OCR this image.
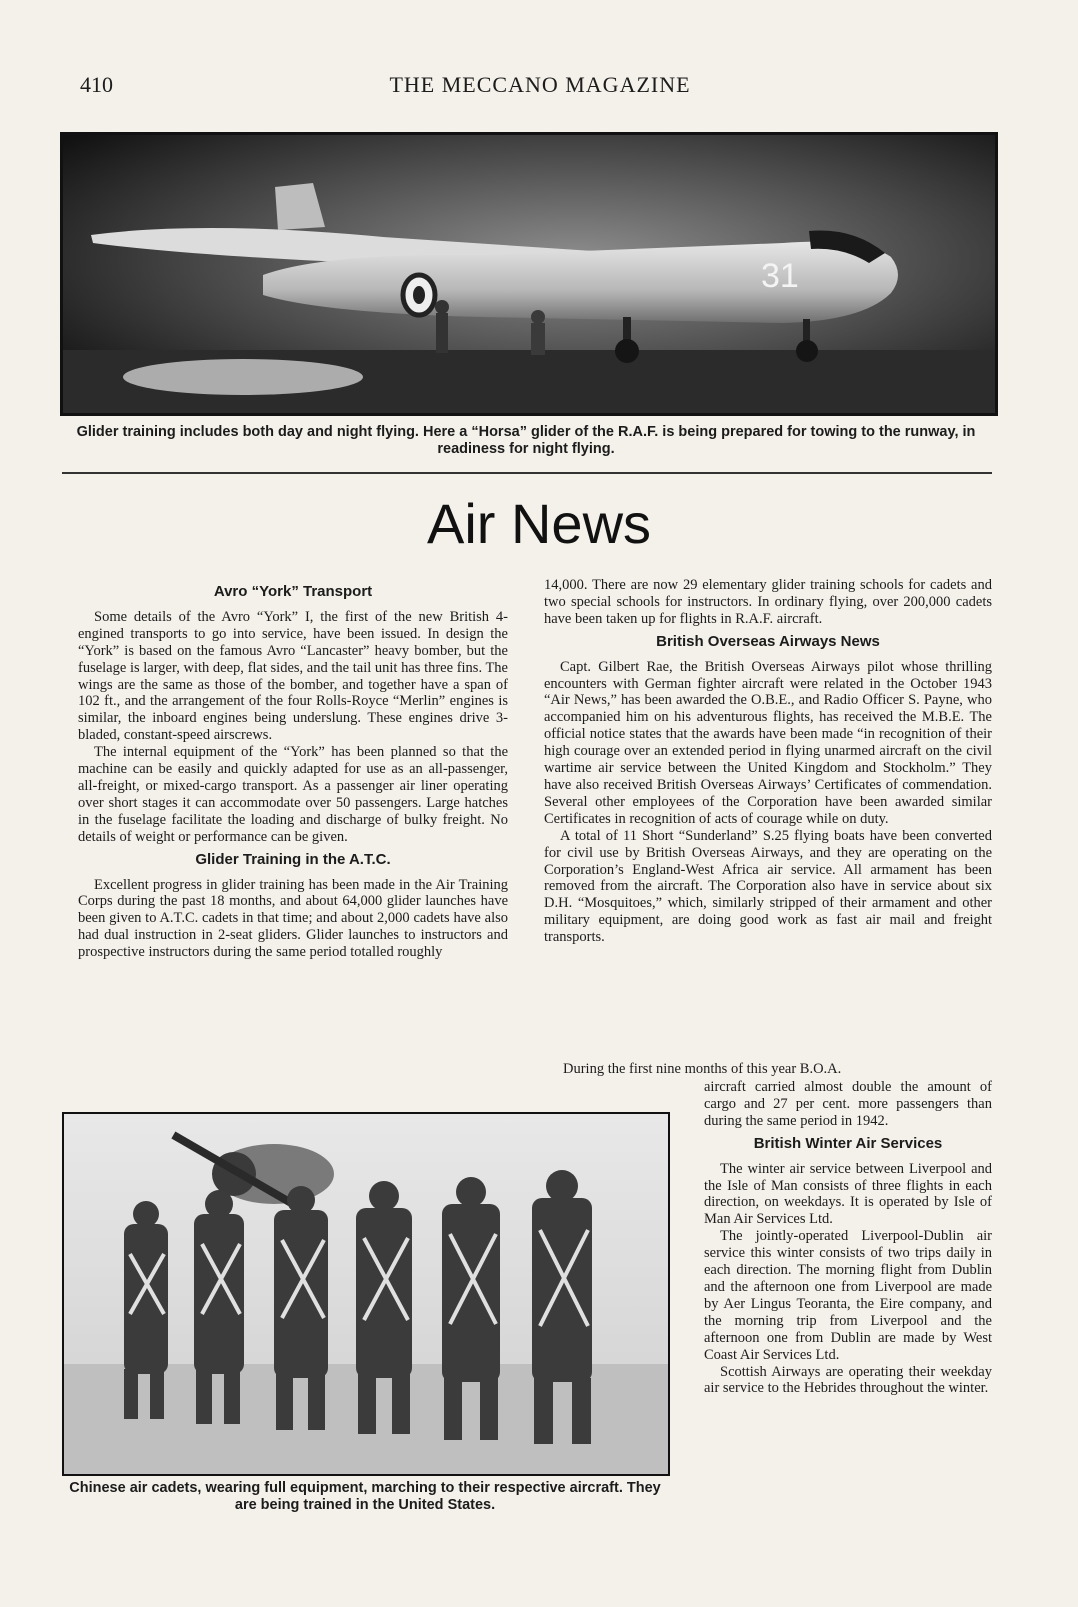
410	THE MECCANO MAGAZINE
31
Glider training includes both day and night flying. Here a “Horsa” glider of the R.A.F. is being prepared for towing to the runway, in readiness for night flying.
Air News
Avro “York” Transport

Some details of the Avro “York” I, the first of the new British 4-engined transports to go into service, have been issued. In design the “York” is based on the famous Avro “Lancaster” heavy bomber, but the fuselage is larger, with deep, flat sides, and the tail unit has three fins. The wings are the same as those of the bomber, and together have a span of 102 ft., and the arrangement of the four Rolls-Royce “Merlin” engines is similar, the inboard engines being underslung. These engines drive 3-bladed, constant-speed airscrews.

The internal equipment of the “York” has been planned so that the machine can be easily and quickly adapted for use as an all-passenger, all-freight, or mixed-cargo transport. As a passenger air liner operating over short stages it can accommodate over 50 passengers. Large hatches in the fuselage facilitate the loading and discharge of bulky freight. No details of weight or performance can be given.

Glider Training in the A.T.C.

Excellent progress in glider training has been made in the Air Training Corps during the past 18 months, and about 64,000 glider launches have been given to A.T.C. cadets in that time; and about 2,000 cadets have also had dual instruction in 2-seat gliders. Glider launches to instructors and prospective instructors during the same period totalled roughly

14,000. There are now 29 elementary glider training schools for cadets and two special schools for instructors. In ordinary flying, over 200,000 cadets have been taken up for flights in R.A.F. aircraft.

British Overseas Airways News

Capt. Gilbert Rae, the British Overseas Airways pilot whose thrilling encounters with German fighter aircraft were related in the October 1943 “Air News,” has been awarded the O.B.E., and Radio Officer S. Payne, who accompanied him on his adventurous flights, has received the M.B.E. The official notice states that the awards have been made “in recognition of their high courage over an extended period in flying unarmed aircraft on the civil wartime air service between the United Kingdom and Stockholm.” They have also received British Overseas Airways’ Certificates of commendation. Several other employees of the Corporation have been awarded similar Certificates in recognition of acts of courage while on duty.

A total of 11 Short “Sunderland” S.25 flying boats have been converted for civil use by British Overseas Airways, and they are operating on the Corporation’s England-West Africa air service. All armament has been removed from the aircraft. The Corporation also have in service about six D.H. “Mosquitoes,” which, similarly stripped of their armament and other military equipment, are doing good work as fast air mail and freight transports.

During the first nine months of this year B.O.A.

aircraft carried almost double the amount of cargo and 27 per cent. more passengers than during the same period in 1942.

British Winter Air Services

The winter air service between Liverpool and the Isle of Man consists of three flights in each direction, on weekdays. It is operated by Isle of Man Air Services Ltd.

The jointly-operated Liverpool-Dublin air service this winter consists of two trips daily in each direction. The morning flight from Dublin and the afternoon one from Liverpool are made by Aer Lingus Teoranta, the Eire company, and the morning trip from Liverpool and the afternoon one from Dublin are made by West Coast Air Services Ltd.

Scottish Airways are operating their weekday air service to the Hebrides throughout the winter.

Chinese air cadets, wearing full equipment, marching to their respective aircraft. They are being trained in the United States.
